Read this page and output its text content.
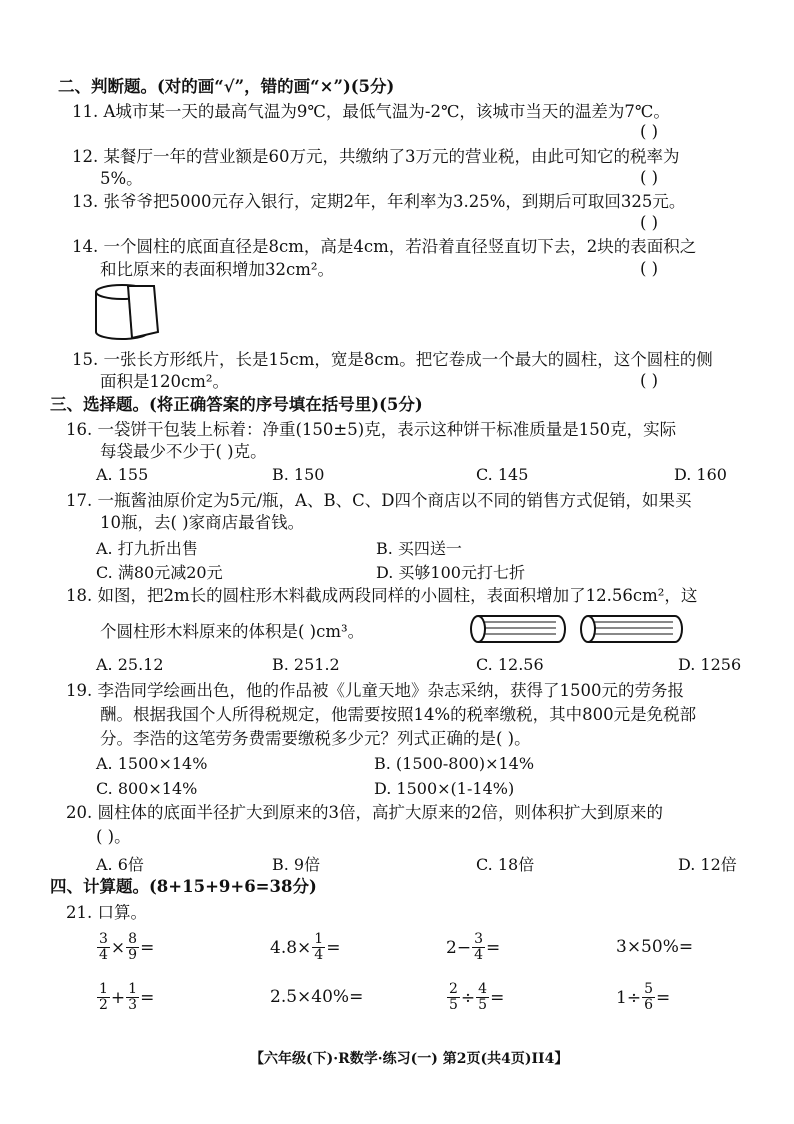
二、判断题。(对的画“√”，错的画“×”)(5分)
11. A城市某一天的最高气温为9℃，最低气温为-2℃，该城市当天的温差为7℃。
( )
12. 某餐厅一年的营业额是60万元，共缴纳了3万元的营业税，由此可知它的税率为
5%。	( )
13. 张爷爷把5000元存入银行，定期2年，年利率为3.25%，到期后可取回325元。
( )
14. 一个圆柱的底面直径是8cm，高是4cm，若沿着直径竖直切下去，2块的表面积之
和比原来的表面积增加32cm²。	( )
15. 一张长方形纸片，长是15cm，宽是8cm。把它卷成一个最大的圆柱，这个圆柱的侧
面积是120cm²。	( )
三、选择题。(将正确答案的序号填在括号里)(5分)
16. 一袋饼干包装上标着：净重(150±5)克，表示这种饼干标准质量是150克，实际
每袋最少不少于( )克。
A. 155	B. 150	C. 145	D. 160
17. 一瓶酱油原价定为5元/瓶，A、B、C、D四个商店以不同的销售方式促销，如果买
10瓶，去( )家商店最省钱。
A. 打九折出售	B. 买四送一
C. 满80元减20元	D. 买够100元打七折
18. 如图，把2m长的圆柱形木料截成两段同样的小圆柱，表面积增加了12.56cm²，这
个圆柱形木料原来的体积是( )cm³。
A. 25.12	B. 251.2	C. 12.56	D. 1256
19. 李浩同学绘画出色，他的作品被《儿童天地》杂志采纳，获得了1500元的劳务报
酬。根据我国个人所得税规定，他需要按照14%的税率缴税，其中800元是免税部
分。李浩的这笔劳务费需要缴税多少元？列式正确的是( )。
A. 1500×14%	B. (1500-800)×14%
C. 800×14%	D. 1500×(1-14%)
20. 圆柱体的底面半径扩大到原来的3倍，高扩大原来的2倍，则体积扩大到原来的
( )。
A. 6倍	B. 9倍	C. 18倍	D. 12倍
四、计算题。(8+15+9+6=38分)
21. 口算。
$\frac{3}{4} \times \frac{8}{9}$ =	$4.8\times \frac{1}{4}$ =	$2- \frac{3}{4}$ =	3×50%=
$\frac{1}{2} + \frac{1}{3}$ =	2.5×40%=	$\frac{2}{5} \div \frac{4}{5}$ =	$1\div \frac{5}{6}$ =
【六年级(下)·R数学·练习(一) 第2页(共4页)II4】
